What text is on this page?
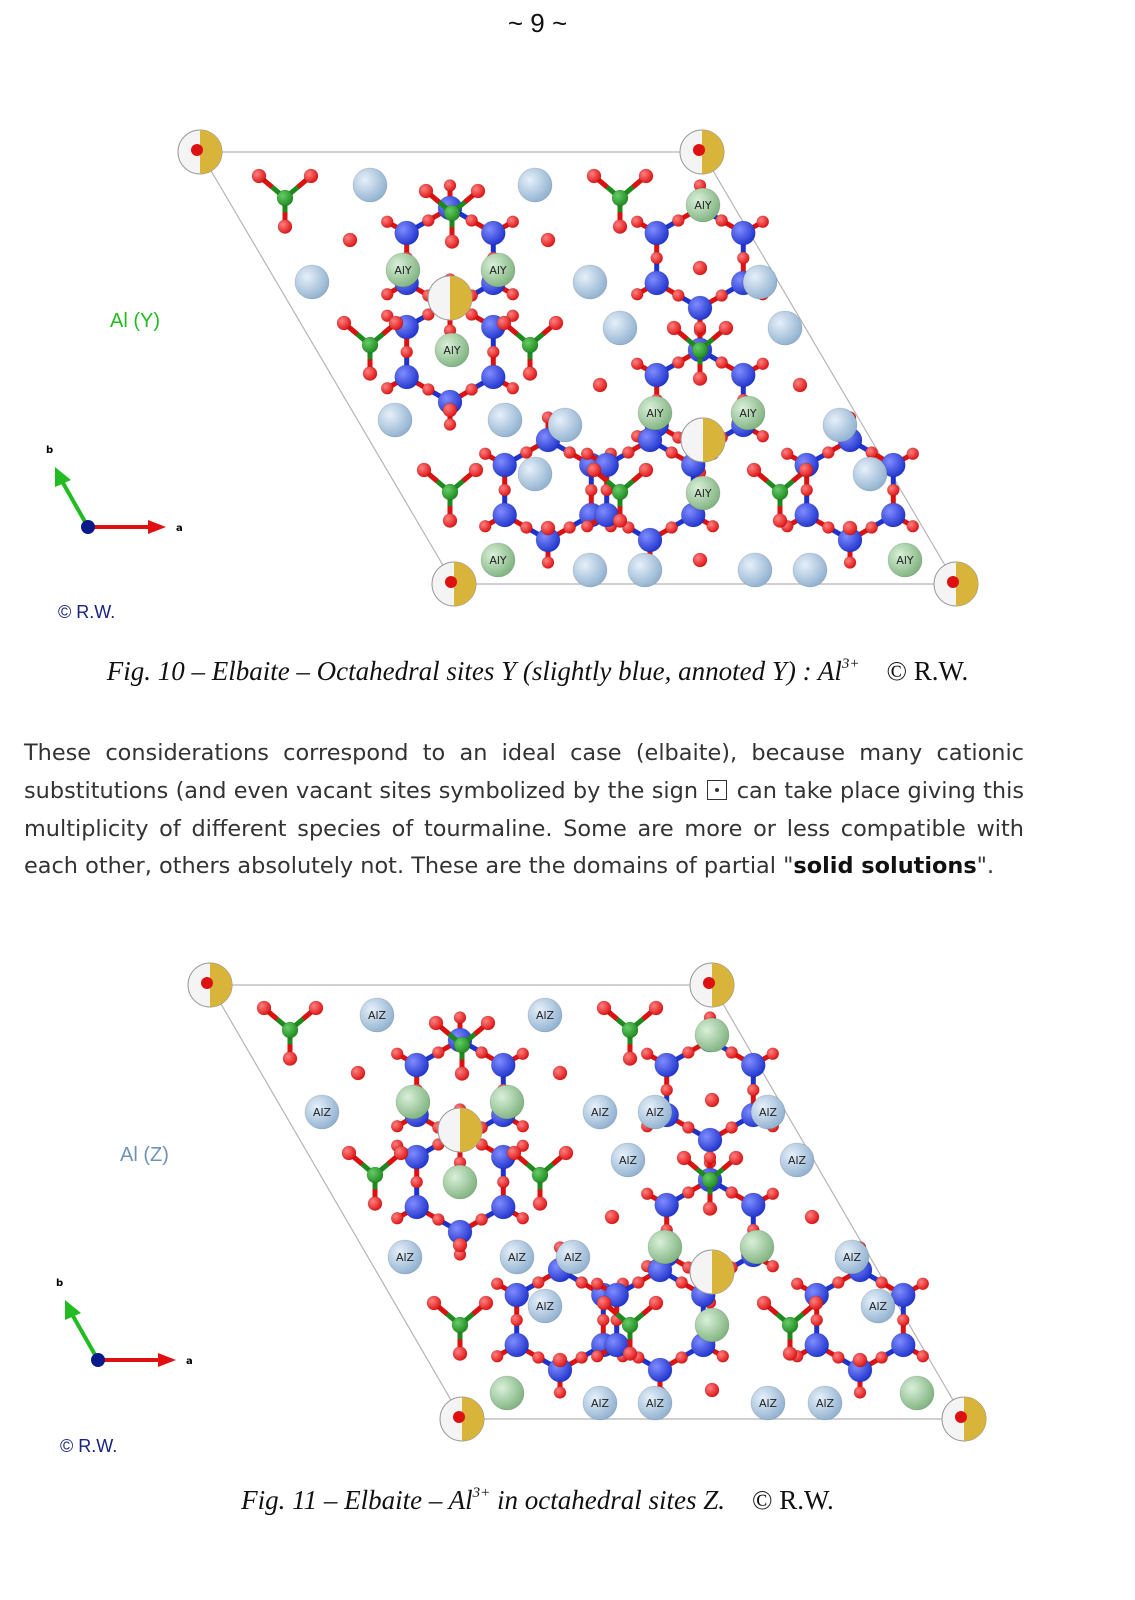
~ 9 ~
AlY	AlY
AlY
AlY
AlY	AlY
AlY
AlY	AlY
a
b
Al (Y)
© R.W.
Fig. 10 – Elbaite – Octahedral sites Y (slightly blue, annoted Y) : $Al^{3+}$ © R.W.
These considerations correspond to an ideal case (elbaite), because many cationic substitutions (and even vacant sites symbolized by the sign can take place giving this multiplicity of different species of tourmaline. Some are more or less compatible with each other, others absolutely not. These are the domains of partial "solid solutions".
AlZ	AlZ
AlZ	AlZ	AlZ	AlZ
AlZ	AlZ
AlZ	AlZ	AlZ	AlZ
AlZ	AlZ
AlZ	AlZ	AlZ	AlZ
a
b
Al (Z)
© R.W.
Fig. 11 – Elbaite – $Al^{3+}$ in octahedral sites Z. © R.W.
